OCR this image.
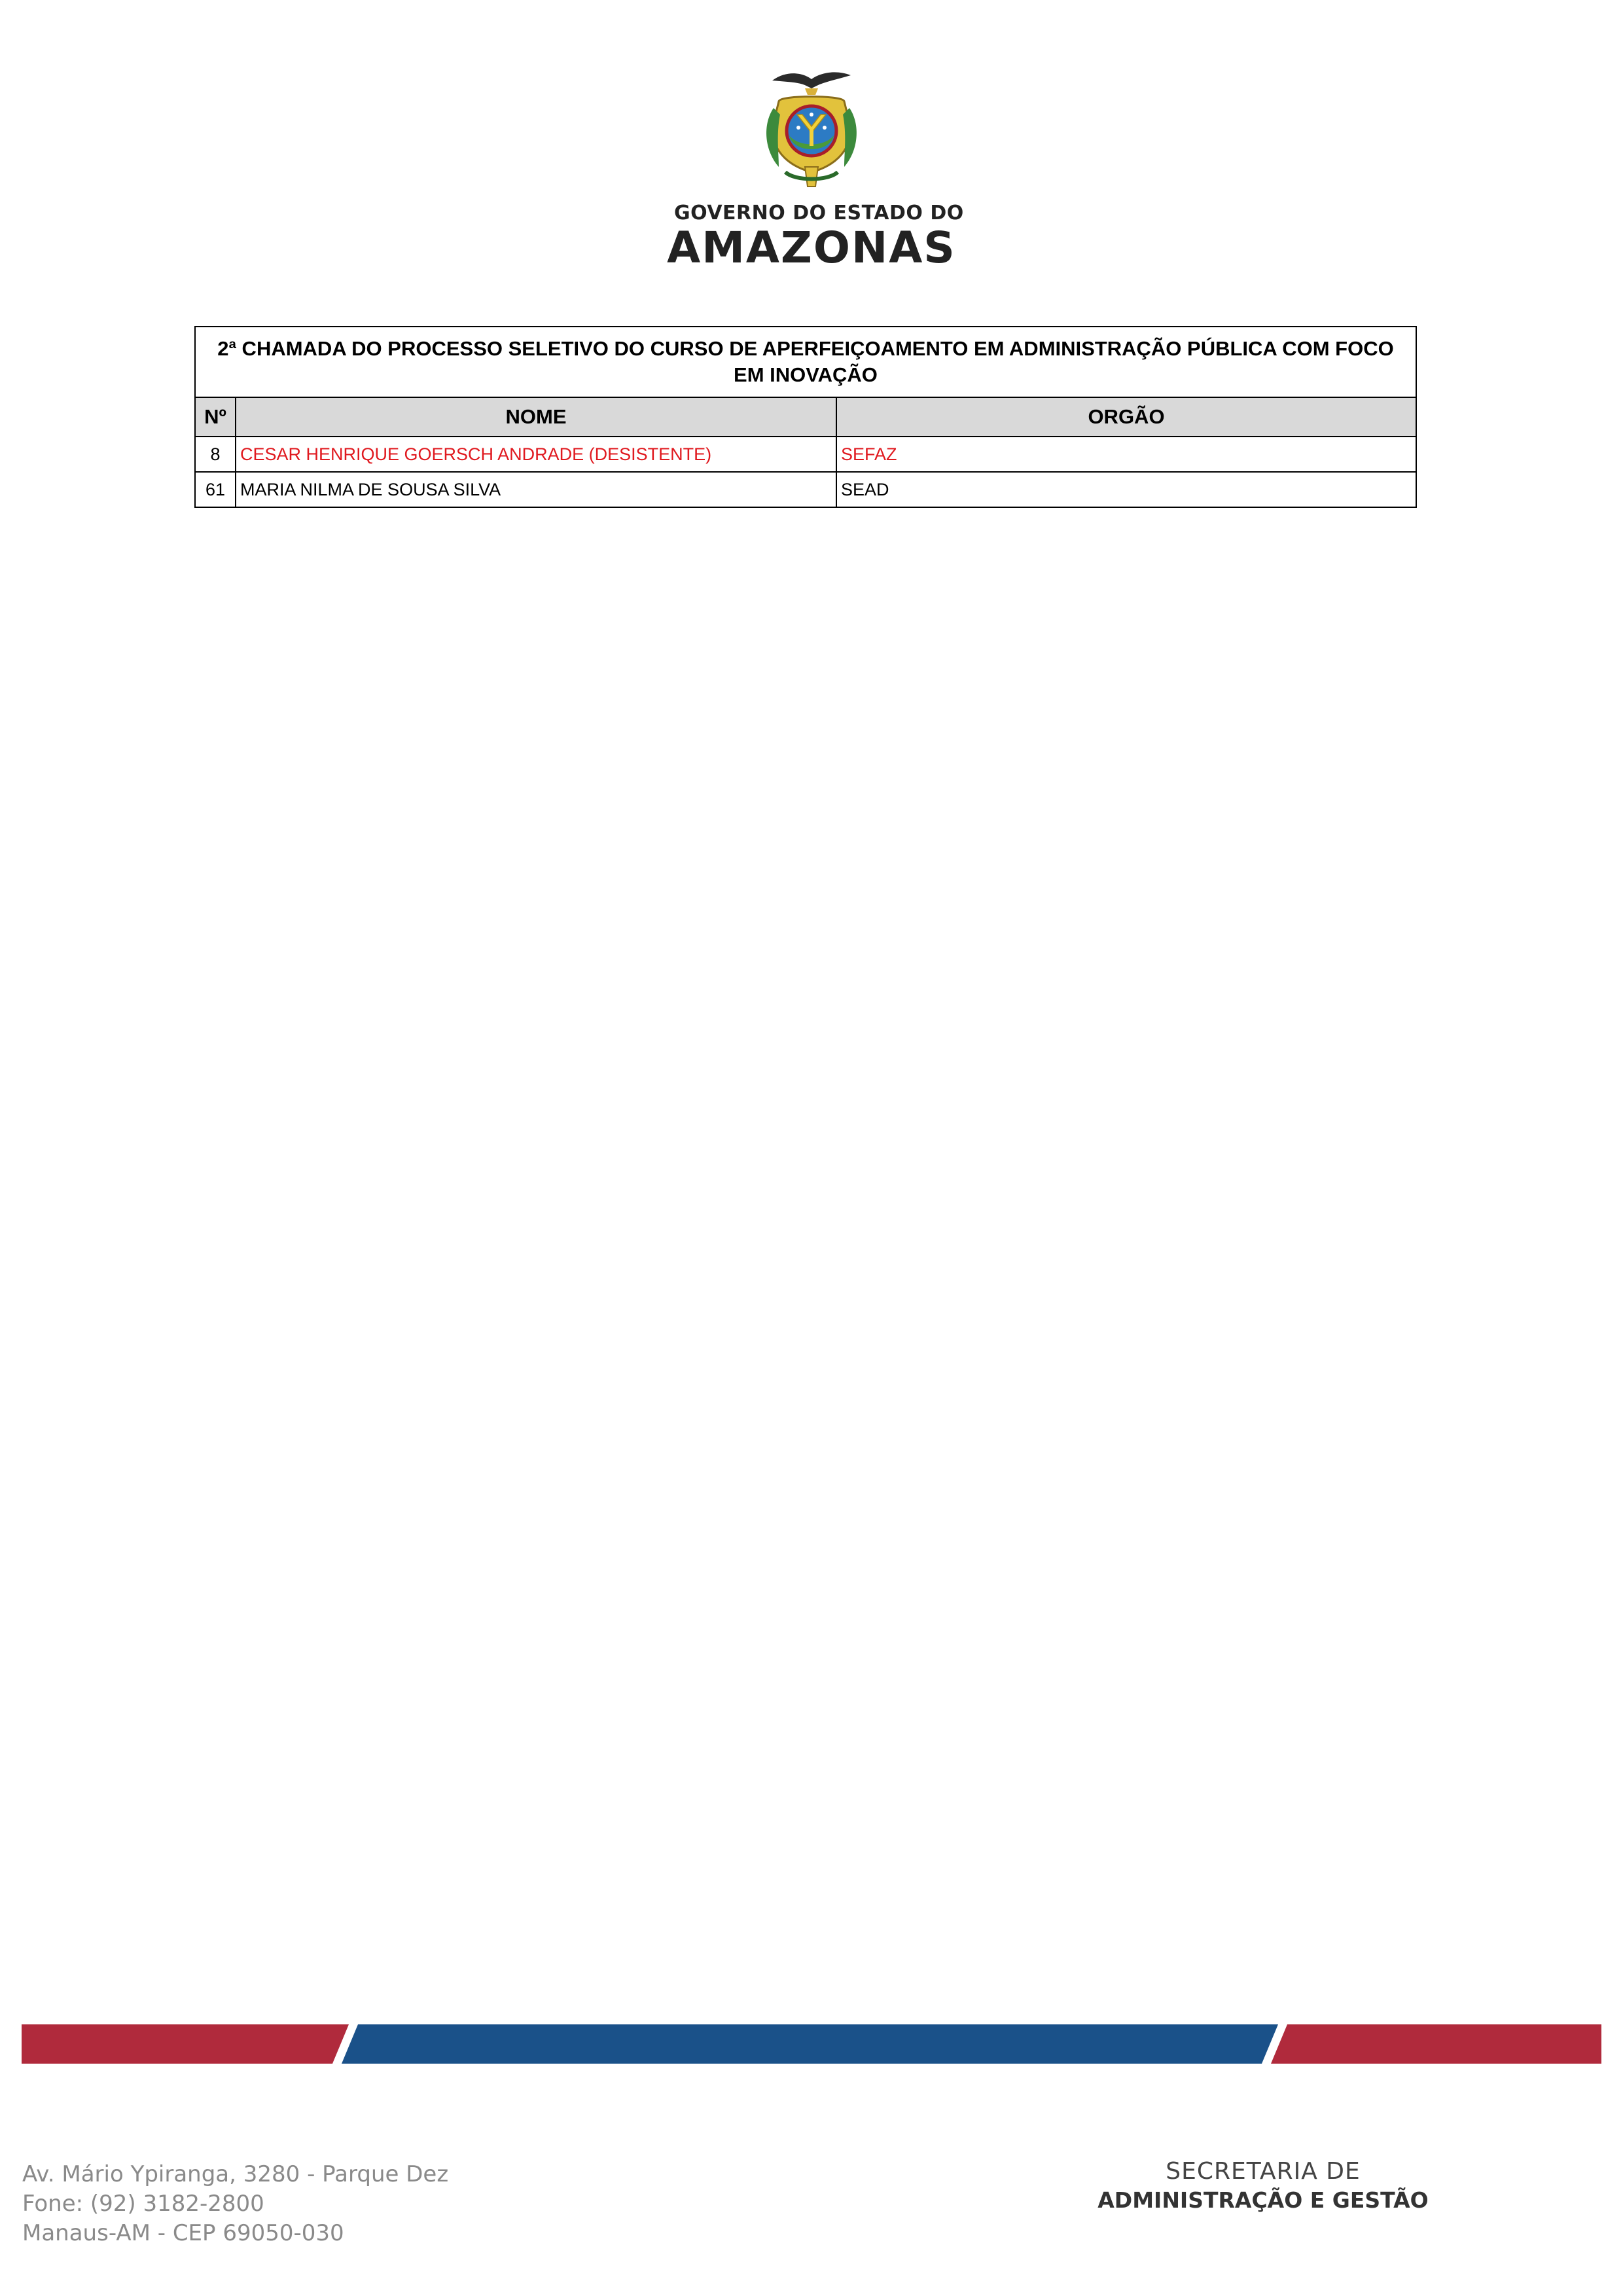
GOVERNO DO ESTADO DO
AMAZONAS
2ª CHAMADA DO PROCESSO SELETIVO DO CURSO DE APERFEIÇOAMENTO EM ADMINISTRAÇÃO PÚBLICA COM FOCO EM INOVAÇÃO		
Nº	NOME	ORGÃO
8	CESAR HENRIQUE GOERSCH ANDRADE (DESISTENTE)	SEFAZ
61	MARIA NILMA DE SOUSA SILVA	SEAD
Av. Mário Ypiranga, 3280 - Parque Dez
Fone: (92) 3182-2800
Manaus-AM - CEP 69050-030
SECRETARIA DE
ADMINISTRAÇÃO E GESTÃO
